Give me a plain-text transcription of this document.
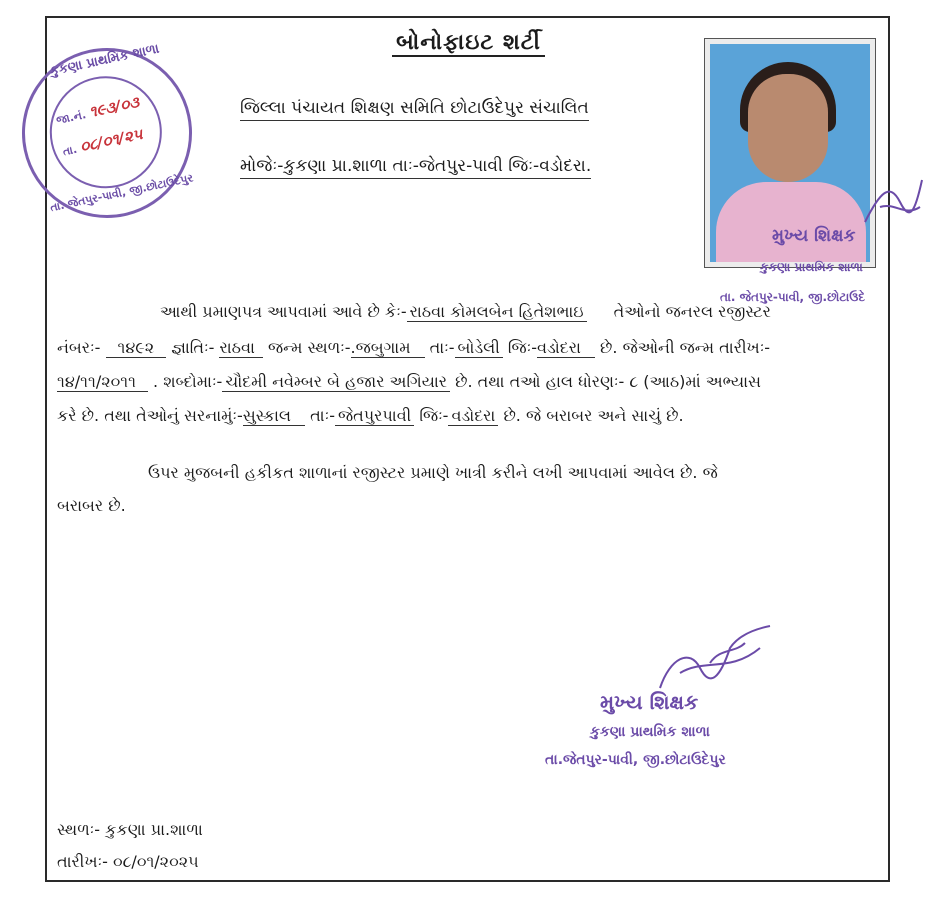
બોનોફાઇટ શર્ટી
જિલ્લા પંચાયત શિક્ષણ સમિતિ છોટાઉદેપુર સંચાલિત
મોજેઃ-કુકણા પ્રા.શાળા તાઃ-જેતપુર-પાવી જિઃ-વડોદરા.
કુકણા પ્રાથમિક શાળા
તા. જેતપુર-પાવી, જી.છોટાઉદેપુર
જા.નં. ૧૯૩/૦૩
તા. ૦૮/૦૧/૨૫
મુખ્ય શિક્ષક
કુકણા પ્રાથમિક શાળા
તા. જેતપુર-પાવી, જી.છોટાઉદે
આથી પ્રમાણપત્ર આપવામાં આવે છે કેઃ- રાઠવા કોમલબેન હિતેશભાઇ તેઓનો જનરલ રજીસ્ટર
નંબરઃ- ૧૪૯૨ જ્ઞાતિઃ- રાઠવા જન્મ સ્થળઃ-.જબુગામ તાઃ- બોડેલી જિઃ-વડોદરા છે. જેઓની જન્મ તારીખઃ-
૧૪/૧૧/૨૦૧૧ . શબ્દોમાઃ- ચૌદમી નવેમ્બર બે હજાર અગિયાર છે. તથા તઓ હાલ ધોરણઃ- ૮ (આઠ)માં અભ્યાસ
કરે છે. તથા તેઓનું સરનામુંઃ-સુસ્કાલ તાઃ- જેતપુરપાવી જિઃ- વડોદરા છે. જે બરાબર અને સાચું છે.
ઉપર મુજબની હકીકત શાળાનાં રજીસ્ટર પ્રમાણે ખાત્રી કરીને લખી આપવામાં આવેલ છે. જે
બરાબર છે.
મુખ્ય શિક્ષક
કુકણા પ્રાથમિક શાળા
તા.જેતપુર-પાવી, જી.છોટાઉદેપુર
સ્થળઃ- કુકણા પ્રા.શાળા
તારીખઃ- ૦૮/૦૧/૨૦૨૫
